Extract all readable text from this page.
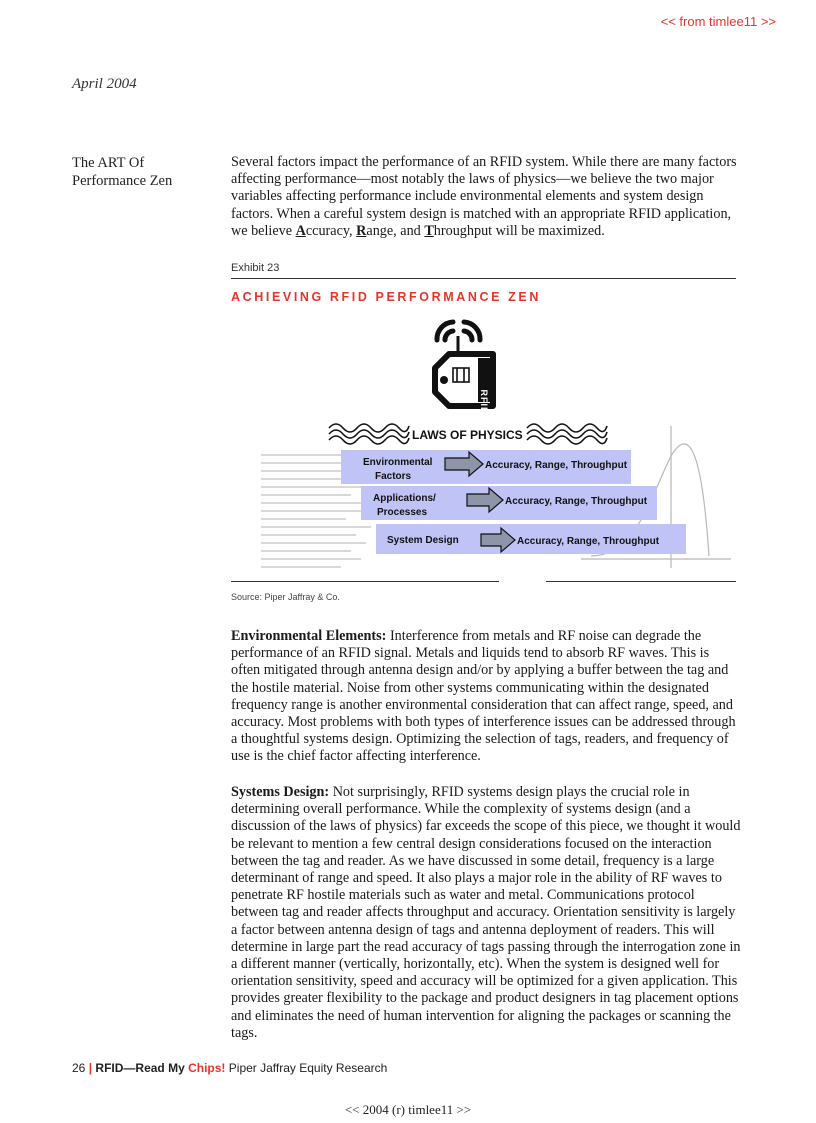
<< from timlee11 >>
April 2004
The ART Of
Performance Zen

Several factors impact the performance of an RFID system. While there are many factors affecting performance—most notably the laws of physics—we believe the two major variables affecting performance include environmental elements and system design factors. When a careful system design is matched with an appropriate RFID application, we believe Accuracy, Range, and Throughput will be maximized.

Exhibit 23
ACHIEVING RFID PERFORMANCE ZEN
RFID
LAWS OF PHYSICS
Environmental
Factors
Accuracy, Range, Throughput
Applications/
Processes
Accuracy, Range, Throughput
System Design	Accuracy, Range, Throughput
Source: Piper Jaffray & Co.

Environmental Elements: Interference from metals and RF noise can degrade the performance of an RFID signal. Metals and liquids tend to absorb RF waves. This is often mitigated through antenna design and/or by applying a buffer between the tag and the hostile material. Noise from other systems communicating within the designated frequency range is another environmental consideration that can affect range, speed, and accuracy. Most problems with both types of interference issues can be addressed through a thoughtful systems design. Optimizing the selection of tags, readers, and frequency of use is the chief factor affecting interference.

Systems Design: Not surprisingly, RFID systems design plays the crucial role in determining overall performance. While the complexity of systems design (and a discussion of the laws of physics) far exceeds the scope of this piece, we thought it would be relevant to mention a few central design considerations focused on the interaction between the tag and reader. As we have discussed in some detail, frequency is a large determinant of range and speed. It also plays a major role in the ability of RF waves to penetrate RF hostile materials such as water and metal. Communications protocol between tag and reader affects throughput and accuracy. Orientation sensitivity is largely a factor between antenna design of tags and antenna deployment of readers. This will determine in large part the read accuracy of tags passing through the interrogation zone in a different manner (vertically, horizontally, etc). When the system is designed well for orientation sensitivity, speed and accuracy will be optimized for a given application. This provides greater flexibility to the package and product designers in tag placement options and eliminates the need of human intervention for aligning the packages or scanning the tags.

26 | RFID—Read My Chips! Piper Jaffray Equity Research
<< 2004 (r) timlee11 >>
